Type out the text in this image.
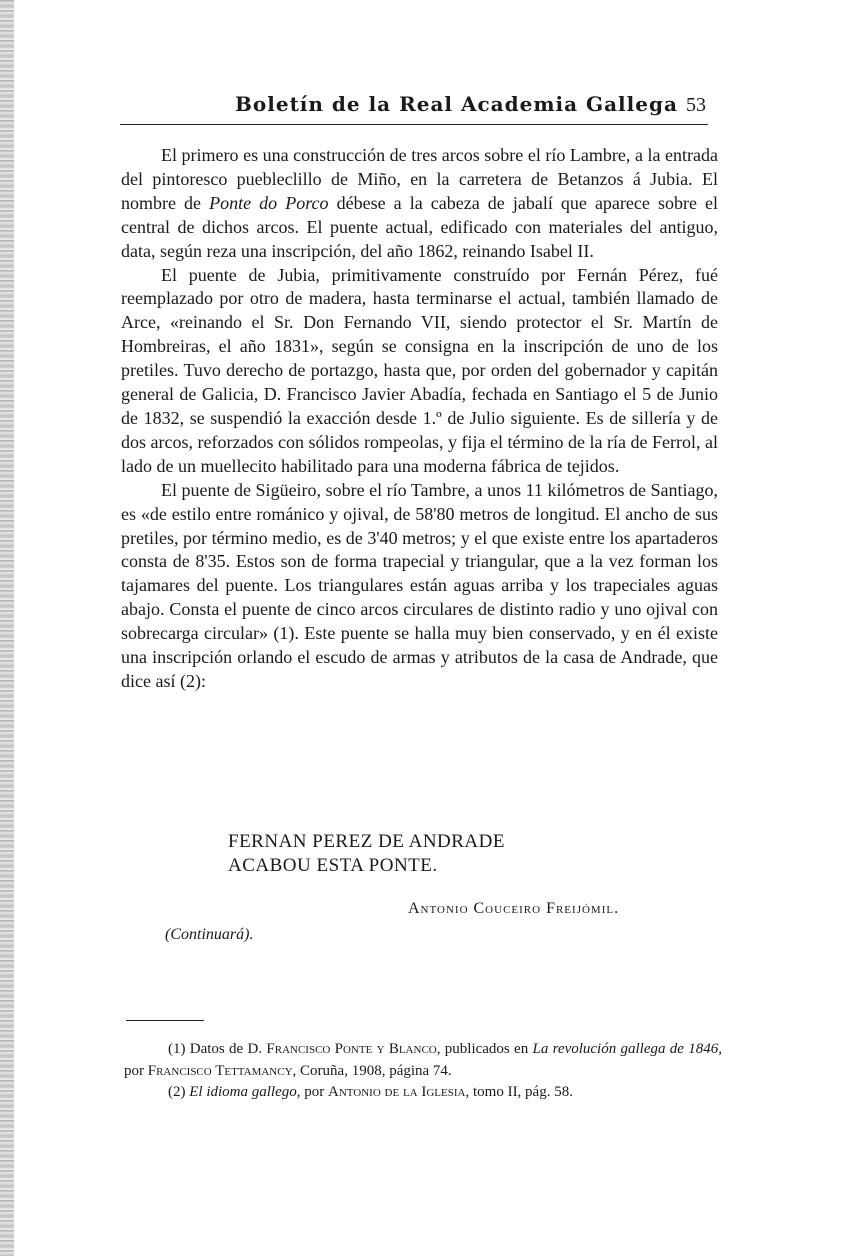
Boletín de la Real Academia Gallega 53

El primero es una construcción de tres arcos sobre el río Lambre, a la entrada del pintoresco puebleclillo de Miño, en la carretera de Betanzos á Jubia. El nombre de Ponte do Porco débese a la cabeza de jabalí que aparece sobre el central de dichos arcos. El puente actual, edificado con materiales del antiguo, data, según reza una inscripción, del año 1862, reinando Isabel II.

El puente de Jubia, primitivamente construído por Fernán Pérez, fué reemplazado por otro de madera, hasta terminarse el actual, también llamado de Arce, «reinando el Sr. Don Fernando VII, siendo protector el Sr. Martín de Hombreiras, el año 1831», según se consigna en la inscripción de uno de los pretiles. Tuvo derecho de portazgo, hasta que, por orden del gobernador y capitán general de Galicia, D. Francisco Javier Abadía, fechada en Santiago el 5 de Junio de 1832, se suspendió la exacción desde 1.º de Julio siguiente. Es de sillería y de dos arcos, reforzados con sólidos rompeolas, y fija el término de la ría de Ferrol, al lado de un muellecito habilitado para una moderna fábrica de tejidos.

El puente de Sigüeiro, sobre el río Tambre, a unos 11 kilómetros de Santiago, es «de estilo entre románico y ojival, de 58'80 metros de longitud. El ancho de sus pretiles, por término medio, es de 3'40 metros; y el que existe entre los apartaderos consta de 8'35. Estos son de forma trapecial y triangular, que a la vez forman los tajamares del puente. Los triangulares están aguas arriba y los trapeciales aguas abajo. Consta el puente de cinco arcos circulares de distinto radio y uno ojival con sobrecarga circular» (1). Este puente se halla muy bien conservado, y en él existe una inscripción orlando el escudo de armas y atributos de la casa de Andrade, que dice así (2):

FERNAN PEREZ DE ANDRADE
ACABOU ESTA PONTE.
Antonio Couceiro Freijómil.
(Continuará).

(1) Datos de D. Francisco Ponte y Blanco, publicados en La revolución gallega de 1846, por Francisco Tettamancy, Coruña, 1908, página 74.

(2) El idioma gallego, por Antonio de la Iglesia, tomo II, pág. 58.
